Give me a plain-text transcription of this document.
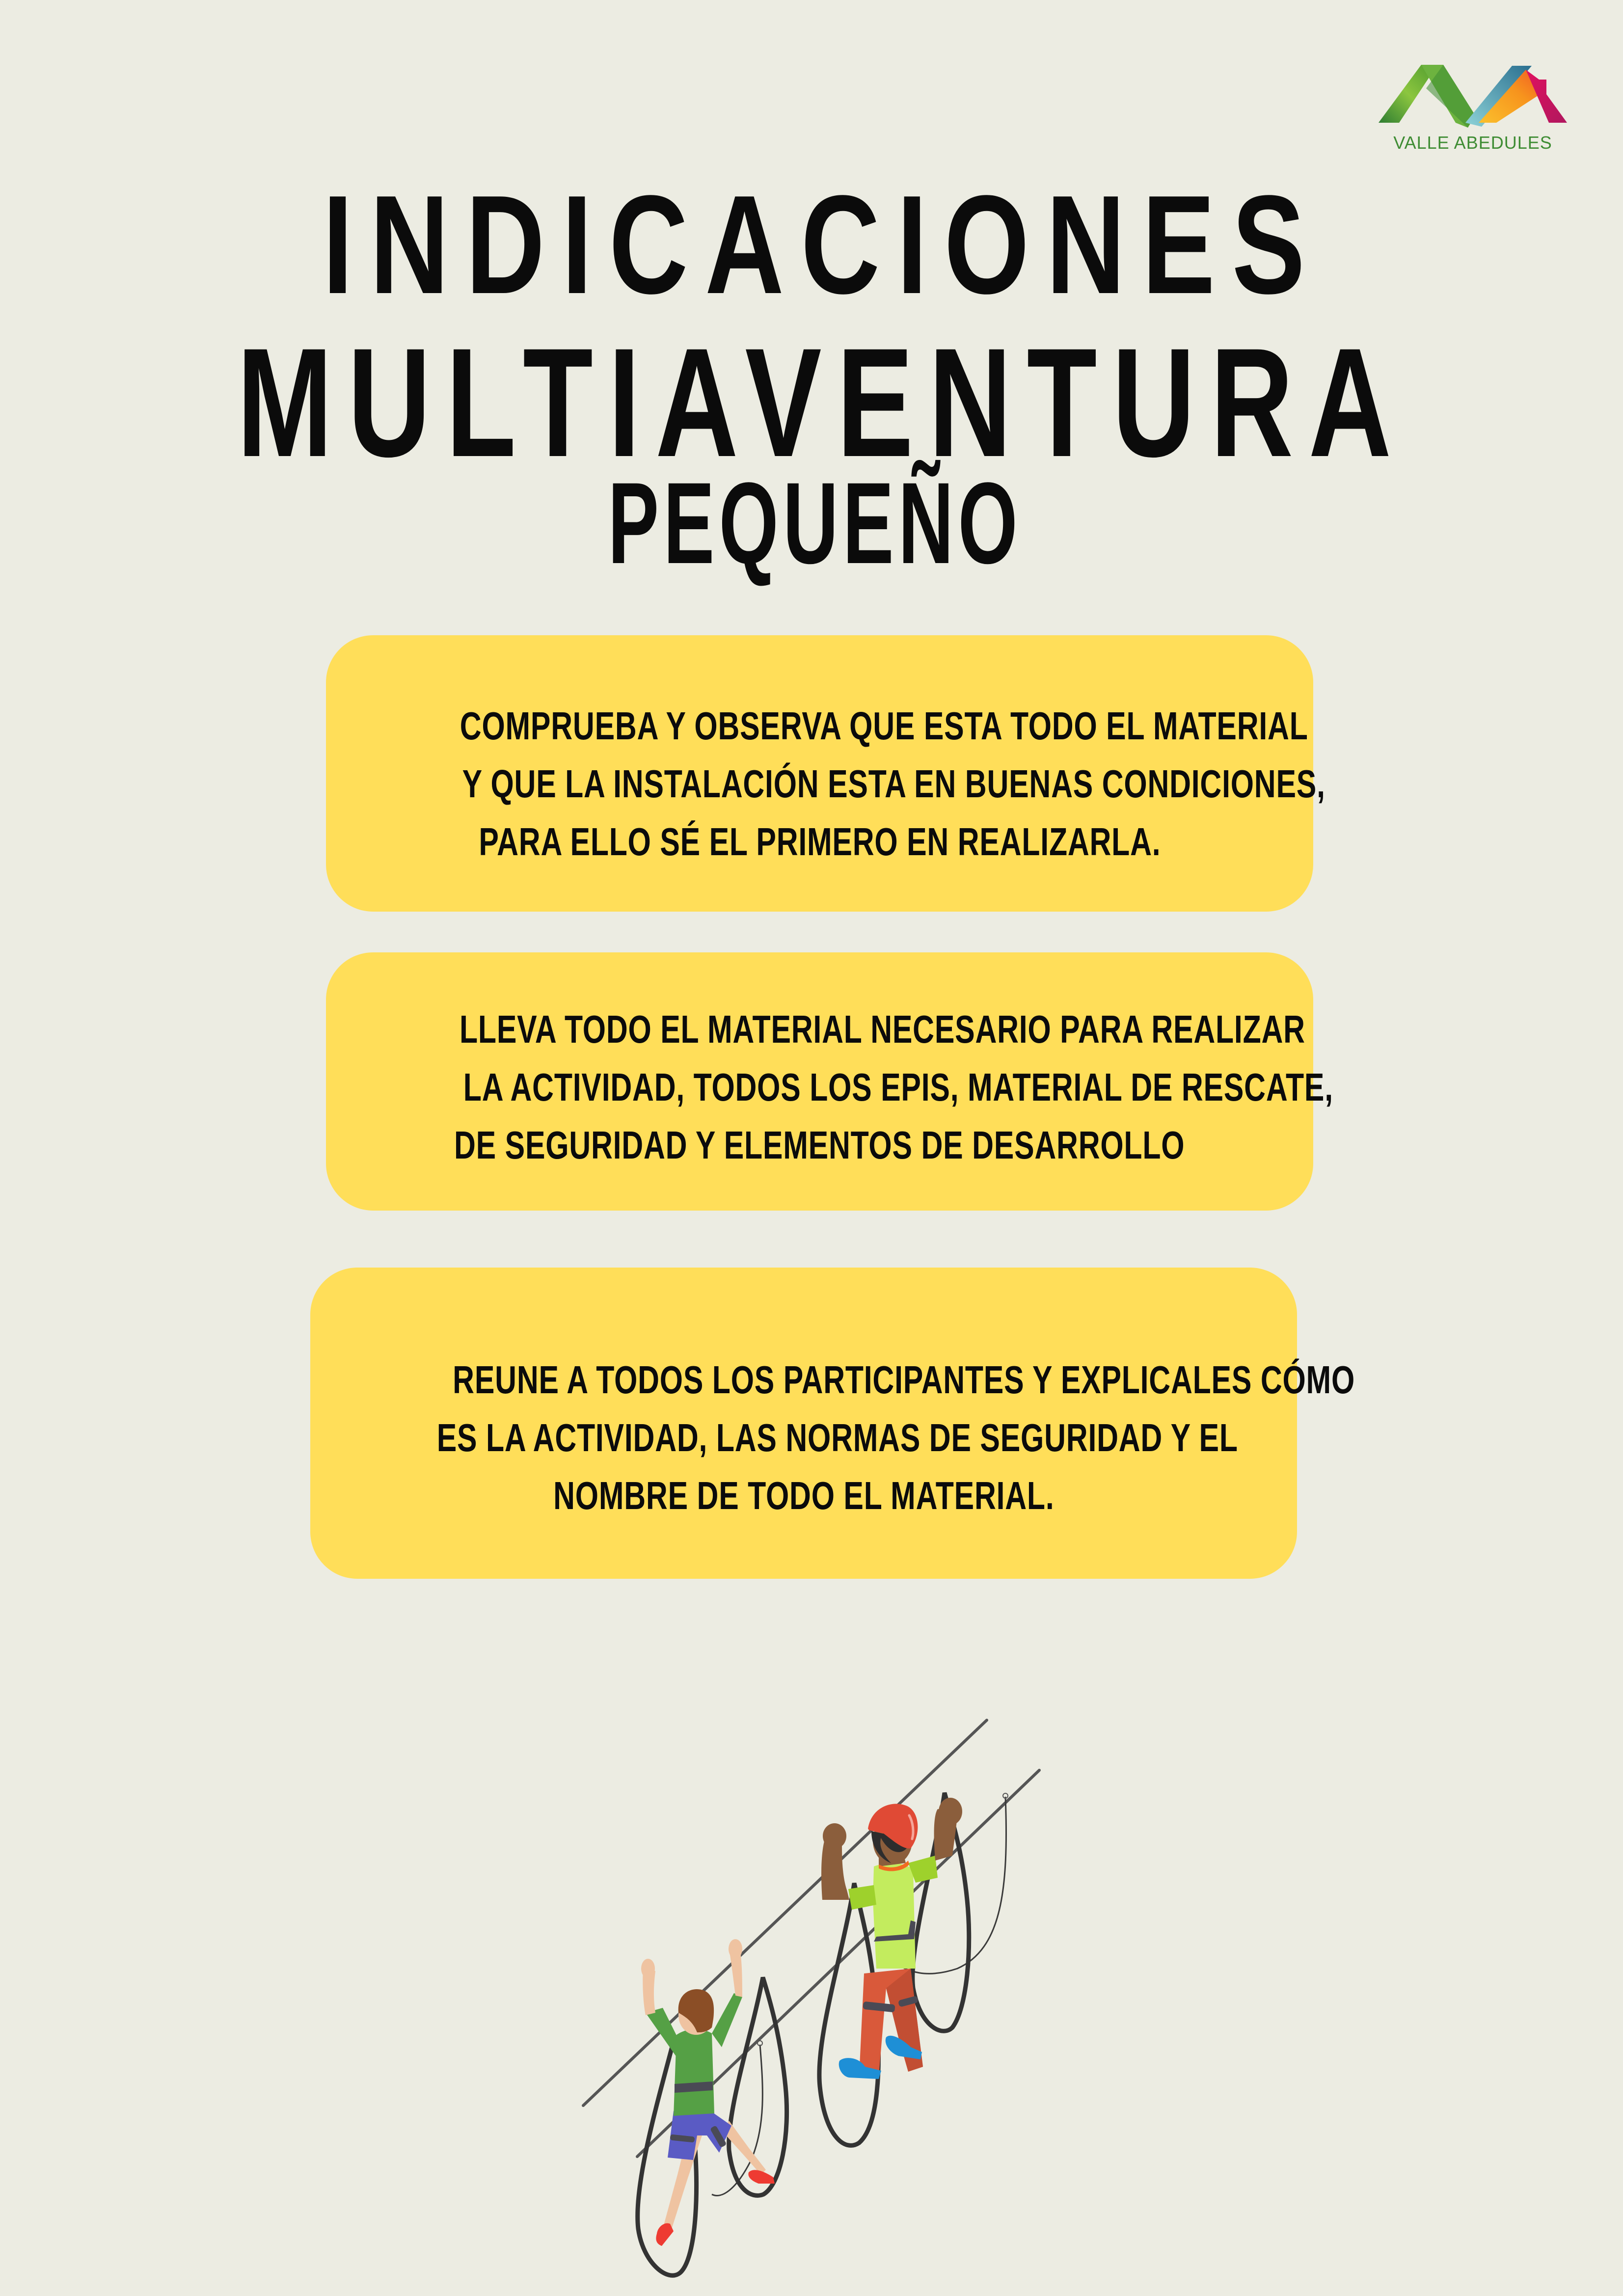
VALLE ABEDULES
INDICACIONES
MULTIAVENTURA
PEQUEÑO
COMPRUEBA Y OBSERVA QUE ESTA TODO EL MATERIAL
Y QUE LA INSTALACIÓN ESTA EN BUENAS CONDICIONES,
PARA ELLO SÉ EL PRIMERO EN REALIZARLA.
LLEVA TODO EL MATERIAL NECESARIO PARA REALIZAR
LA ACTIVIDAD, TODOS LOS EPIS, MATERIAL DE RESCATE,
DE SEGURIDAD Y ELEMENTOS DE DESARROLLO
REUNE A TODOS LOS PARTICIPANTES Y EXPLICALES CÓMO
ES LA ACTIVIDAD, LAS NORMAS DE SEGURIDAD Y EL
NOMBRE DE TODO EL MATERIAL.
